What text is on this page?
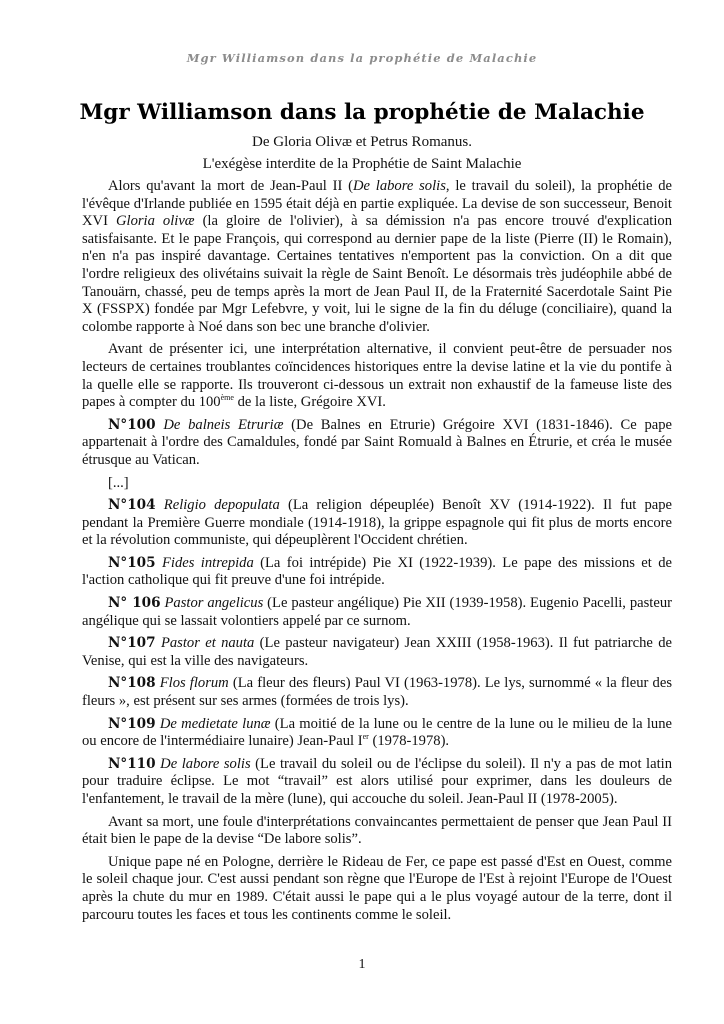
Mgr Williamson dans la prophétie de Malachie
Mgr Williamson dans la prophétie de Malachie
De Gloria Olivæ et Petrus Romanus.
L'exégèse interdite de la Prophétie de Saint Malachie

Alors qu'avant la mort de Jean-Paul II (De labore solis, le travail du soleil), la prophétie de l'évêque d'Irlande publiée en 1595 était déjà en partie expliquée. La devise de son successeur, Benoit XVI Gloria olivæ (la gloire de l'olivier), à sa démission n'a pas encore trouvé d'explication satisfaisante. Et le pape François, qui correspond au dernier pape de la liste (Pierre (II) le Romain), n'en n'a pas inspiré davantage. Certaines tentatives n'emportent pas la conviction. On a dit que l'ordre religieux des olivétains suivait la règle de Saint Benoît. Le désormais très judéophile abbé de Tanouärn, chassé, peu de temps après la mort de Jean Paul II, de la Fraternité Sacerdotale Saint Pie X (FSSPX) fondée par Mgr Lefebvre, y voit, lui le signe de la fin du déluge (conciliaire), quand la colombe rapporte à Noé dans son bec une branche d'olivier.

Avant de présenter ici, une interprétation alternative, il convient peut-être de persuader nos lecteurs de certaines troublantes coïncidences historiques entre la devise latine et la vie du pontife à la quelle elle se rapporte. Ils trouveront ci-dessous un extrait non exhaustif de la fameuse liste des papes à compter du 100ème de la liste, Grégoire XVI.

N°100 De balneis Etruriæ (De Balnes en Etrurie) Grégoire XVI (1831-1846). Ce pape appartenait à l'ordre des Camaldules, fondé par Saint Romuald à Balnes en Étrurie, et créa le musée étrusque au Vatican.

[...]

N°104 Religio depopulata (La religion dépeuplée) Benoît XV (1914-1922). Il fut pape pendant la Première Guerre mondiale (1914-1918), la grippe espagnole qui fit plus de morts encore et la révolution communiste, qui dépeuplèrent l'Occident chrétien.

N°105 Fides intrepida (La foi intrépide) Pie XI (1922-1939). Le pape des missions et de l'action catholique qui fit preuve d'une foi intrépide.

N° 106 Pastor angelicus (Le pasteur angélique) Pie XII (1939-1958). Eugenio Pacelli, pasteur angélique qui se lassait volontiers appelé par ce surnom.

N°107 Pastor et nauta (Le pasteur navigateur) Jean XXIII (1958-1963). Il fut patriarche de Venise, qui est la ville des navigateurs.

N°108 Flos florum (La fleur des fleurs) Paul VI (1963-1978). Le lys, surnommé « la fleur des fleurs », est présent sur ses armes (formées de trois lys).

N°109 De medietate lunæ (La moitié de la lune ou le centre de la lune ou le milieu de la lune ou encore de l'intermédiaire lunaire) Jean-Paul Ier (1978-1978).

N°110 De labore solis (Le travail du soleil ou de l'éclipse du soleil). Il n'y a pas de mot latin pour traduire éclipse. Le mot “travail” est alors utilisé pour exprimer, dans les douleurs de l'enfantement, le travail de la mère (lune), qui accouche du soleil. Jean-Paul II (1978-2005).

Avant sa mort, une foule d'interprétations convaincantes permettaient de penser que Jean Paul II était bien le pape de la devise “De labore solis”.

Unique pape né en Pologne, derrière le Rideau de Fer, ce pape est passé d'Est en Ouest, comme le soleil chaque jour. C'est aussi pendant son règne que l'Europe de l'Est à rejoint l'Europe de l'Ouest après la chute du mur en 1989. C'était aussi le pape qui a le plus voyagé autour de la terre, dont il parcouru toutes les faces et tous les continents comme le soleil.

1
